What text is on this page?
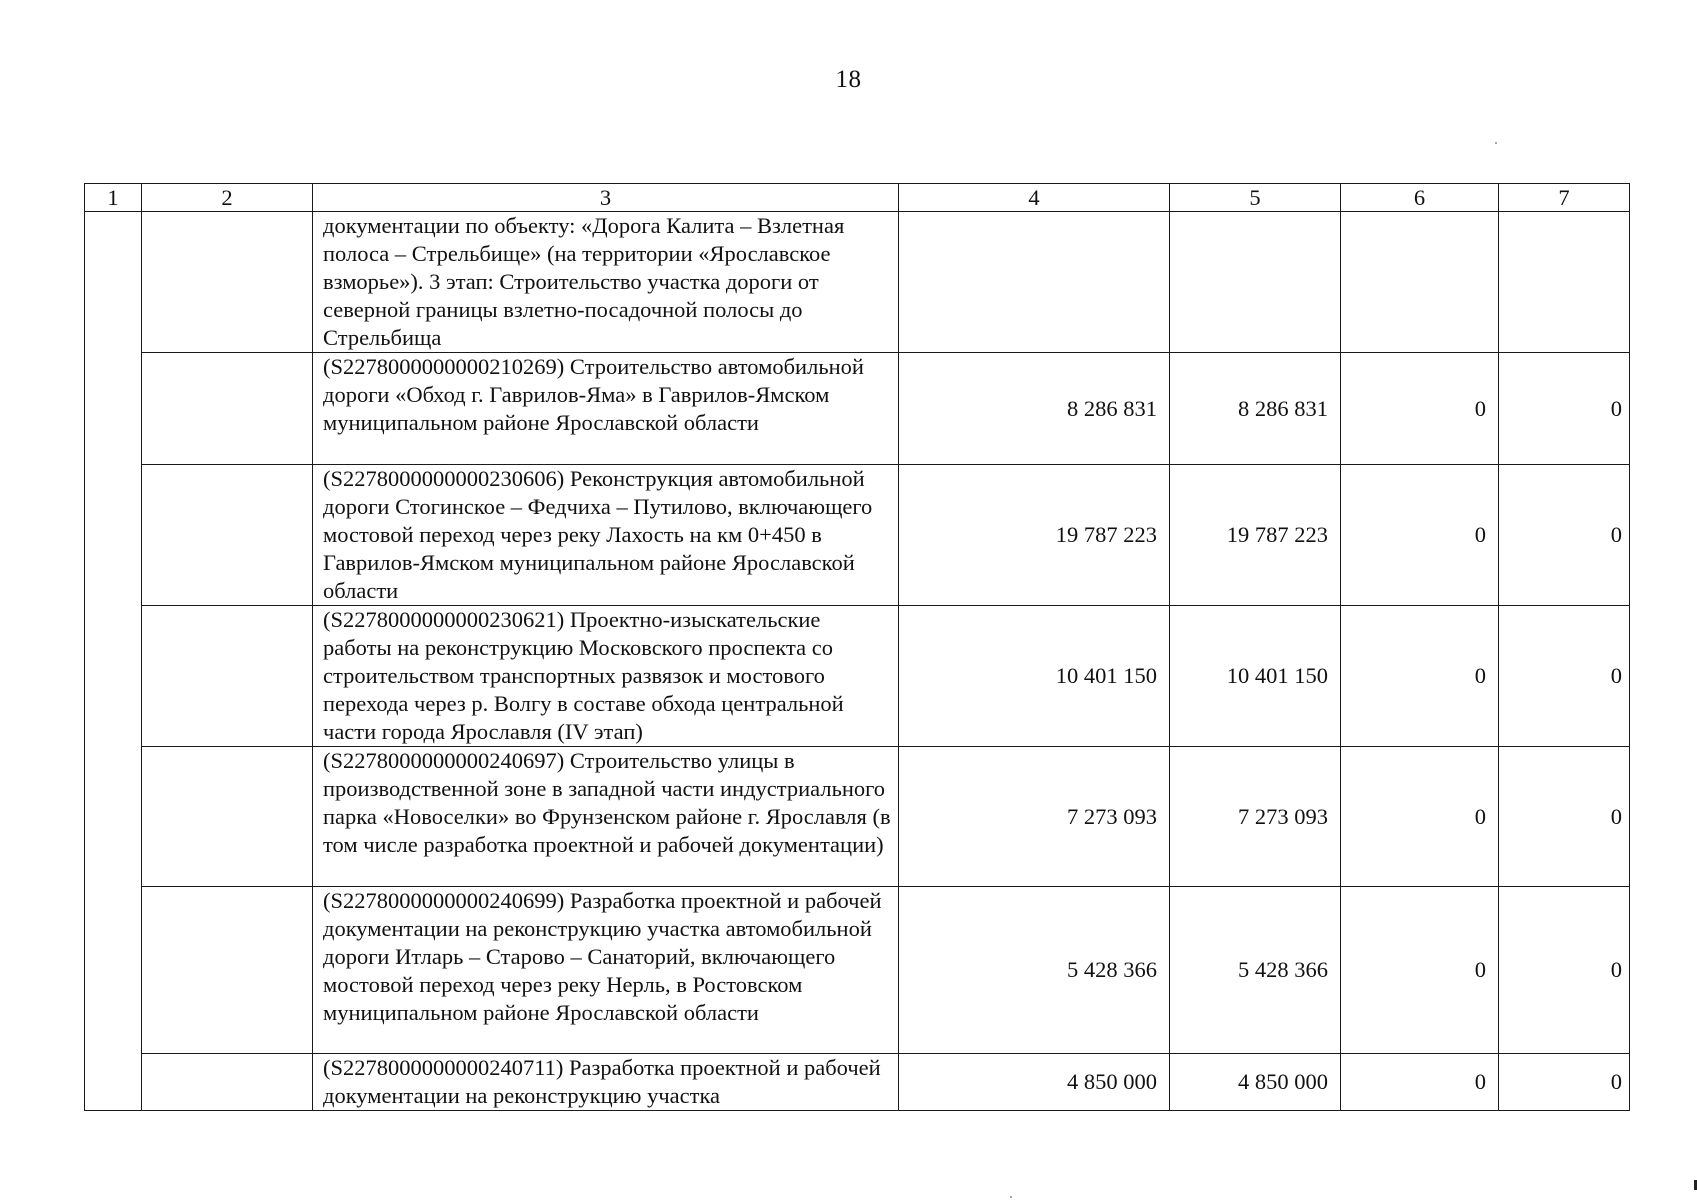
18
1	2	3	4	5	6	7
		документации по объекту: «Дорога Калита – Взлетная полоса – Стрельбище» (на территории «Ярославское взморье»). 3 этап: Строительство участка дороги от северной границы взлетно-посадочной полосы до Стрельбища				
		(S2278000000000210269) Строительство автомобильной дороги «Обход г. Гаврилов-Яма» в Гаврилов-Ямском муниципальном районе Ярославской области	8 286 831	8 286 831	0	0
		(S2278000000000230606) Реконструкция автомобильной дороги Стогинское – Федчиха – Путилово, включающего мостовой переход через реку Лахость на км 0+450 в Гаврилов-Ямском муниципальном районе Ярославской области	19 787 223	19 787 223	0	0
		(S2278000000000230621) Проектно-изыскательские работы на реконструкцию Московского проспекта со строительством транспортных развязок и мостового перехода через р. Волгу в составе обхода центральной части города Ярославля (IV этап)	10 401 150	10 401 150	0	0
		(S2278000000000240697) Строительство улицы в производственной зоне в западной части индустриального парка «Новоселки» во Фрунзенском районе г. Ярославля (в том числе разработка проектной и рабочей документации)	7 273 093	7 273 093	0	0
		(S2278000000000240699) Разработка проектной и рабочей документации на реконструкцию участка автомобильной дороги Итларь – Старово – Санаторий, включающего мостовой переход через реку Нерль, в Ростовском муниципальном районе Ярославской области	5 428 366	5 428 366	0	0
		(S2278000000000240711) Разработка проектной и рабочей документации на реконструкцию участка	4 850 000	4 850 000	0	0
